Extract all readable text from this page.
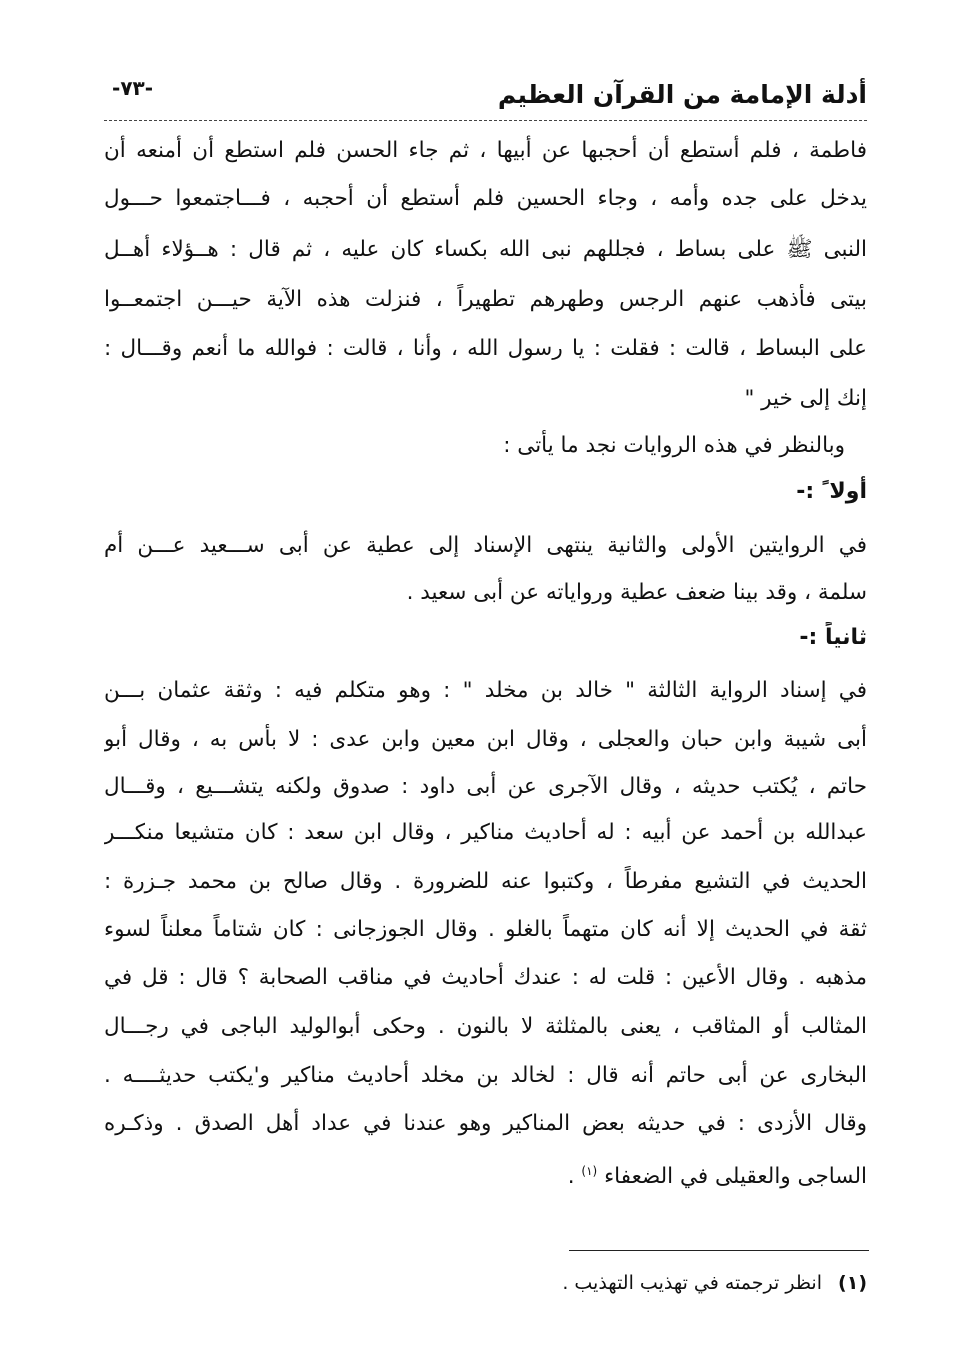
أدلة الإمامة من القرآن العظيم
-٧٣-
فاطمة ، فلم أستطع أن أحجبها عن أبيها ، ثم جاء الحسن فلم استطع أن أمنعه أن
يدخل على جده وأمه ، وجاء الحسين فلم أستطع أن أحجبه ، فـــاجتمعوا حـــول
النبى ﷺ على بساط ، فجللهم نبى الله بكساء كان عليه ، ثم قال : هــؤلاء أهــل
بيتى فأذهب عنهم الرجس وطهرهم تطهيراً ، فنزلت هذه الآية حيـــن اجتمعــوا
على البساط ، قالت : فقلت : يا رسول الله ، وأنا ، قالت : فوالله ما أنعم وقـــال :
إنك إلى خير "
وبالنظر في هذه الروايات نجد ما يأتى :
أولا ً :-
في الروايتين الأولى والثانية ينتهى الإسناد إلى عطية عن أبى ســـعيد عـــن أم
سلمة ، وقد بينا ضعف عطية ورواياته عن أبى سعيد .
ثانياً :-
في إسناد الرواية الثالثة " خالد بن مخلد " : وهو متكلم فيه : وثقة عثمان بـــن
أبى شيبة وابن حبان والعجلى ، وقال ابن معين وابن عدى : لا بأس به ، وقال أبو
حاتم ، يُكتب حديثه ، وقال الآجرى عن أبى داود : صدوق ولكنه يتشـــيع ، وقـــال
عبدالله بن أحمد عن أبيه : له أحاديث مناكير ، وقال ابن سعد : كان متشيعا منكـــر
الحديث في التشيع مفرطاً ، وكتبوا عنه للضرورة . وقال صالح بن محمد جـزرة :
ثقة في الحديث إلا أنه كان متهماً بالغلو . وقال الجوزجانى : كان شتاماً معلناً لسوء
مذهبه . وقال الأعين : قلت له : عندك أحاديث في مناقب الصحابة ؟ قال : قل في
المثالب أو المثاقب ، يعنى بالمثلثة لا بالنون . وحكى أبوالوليد الباجى في رجـــال
البخارى عن أبى حاتم أنه قال : لخالد بن مخلد أحاديث مناكير و'يكتب حديثــــه .
وقال الأزدى : في حديثه بعض المناكير وهو عندنا في عداد أهل الصدق . وذكـره
الساجى والعقيلى في الضعفاء $^{(١)}$ .
(١) انظر ترجمته في تهذيب التهذيب .
